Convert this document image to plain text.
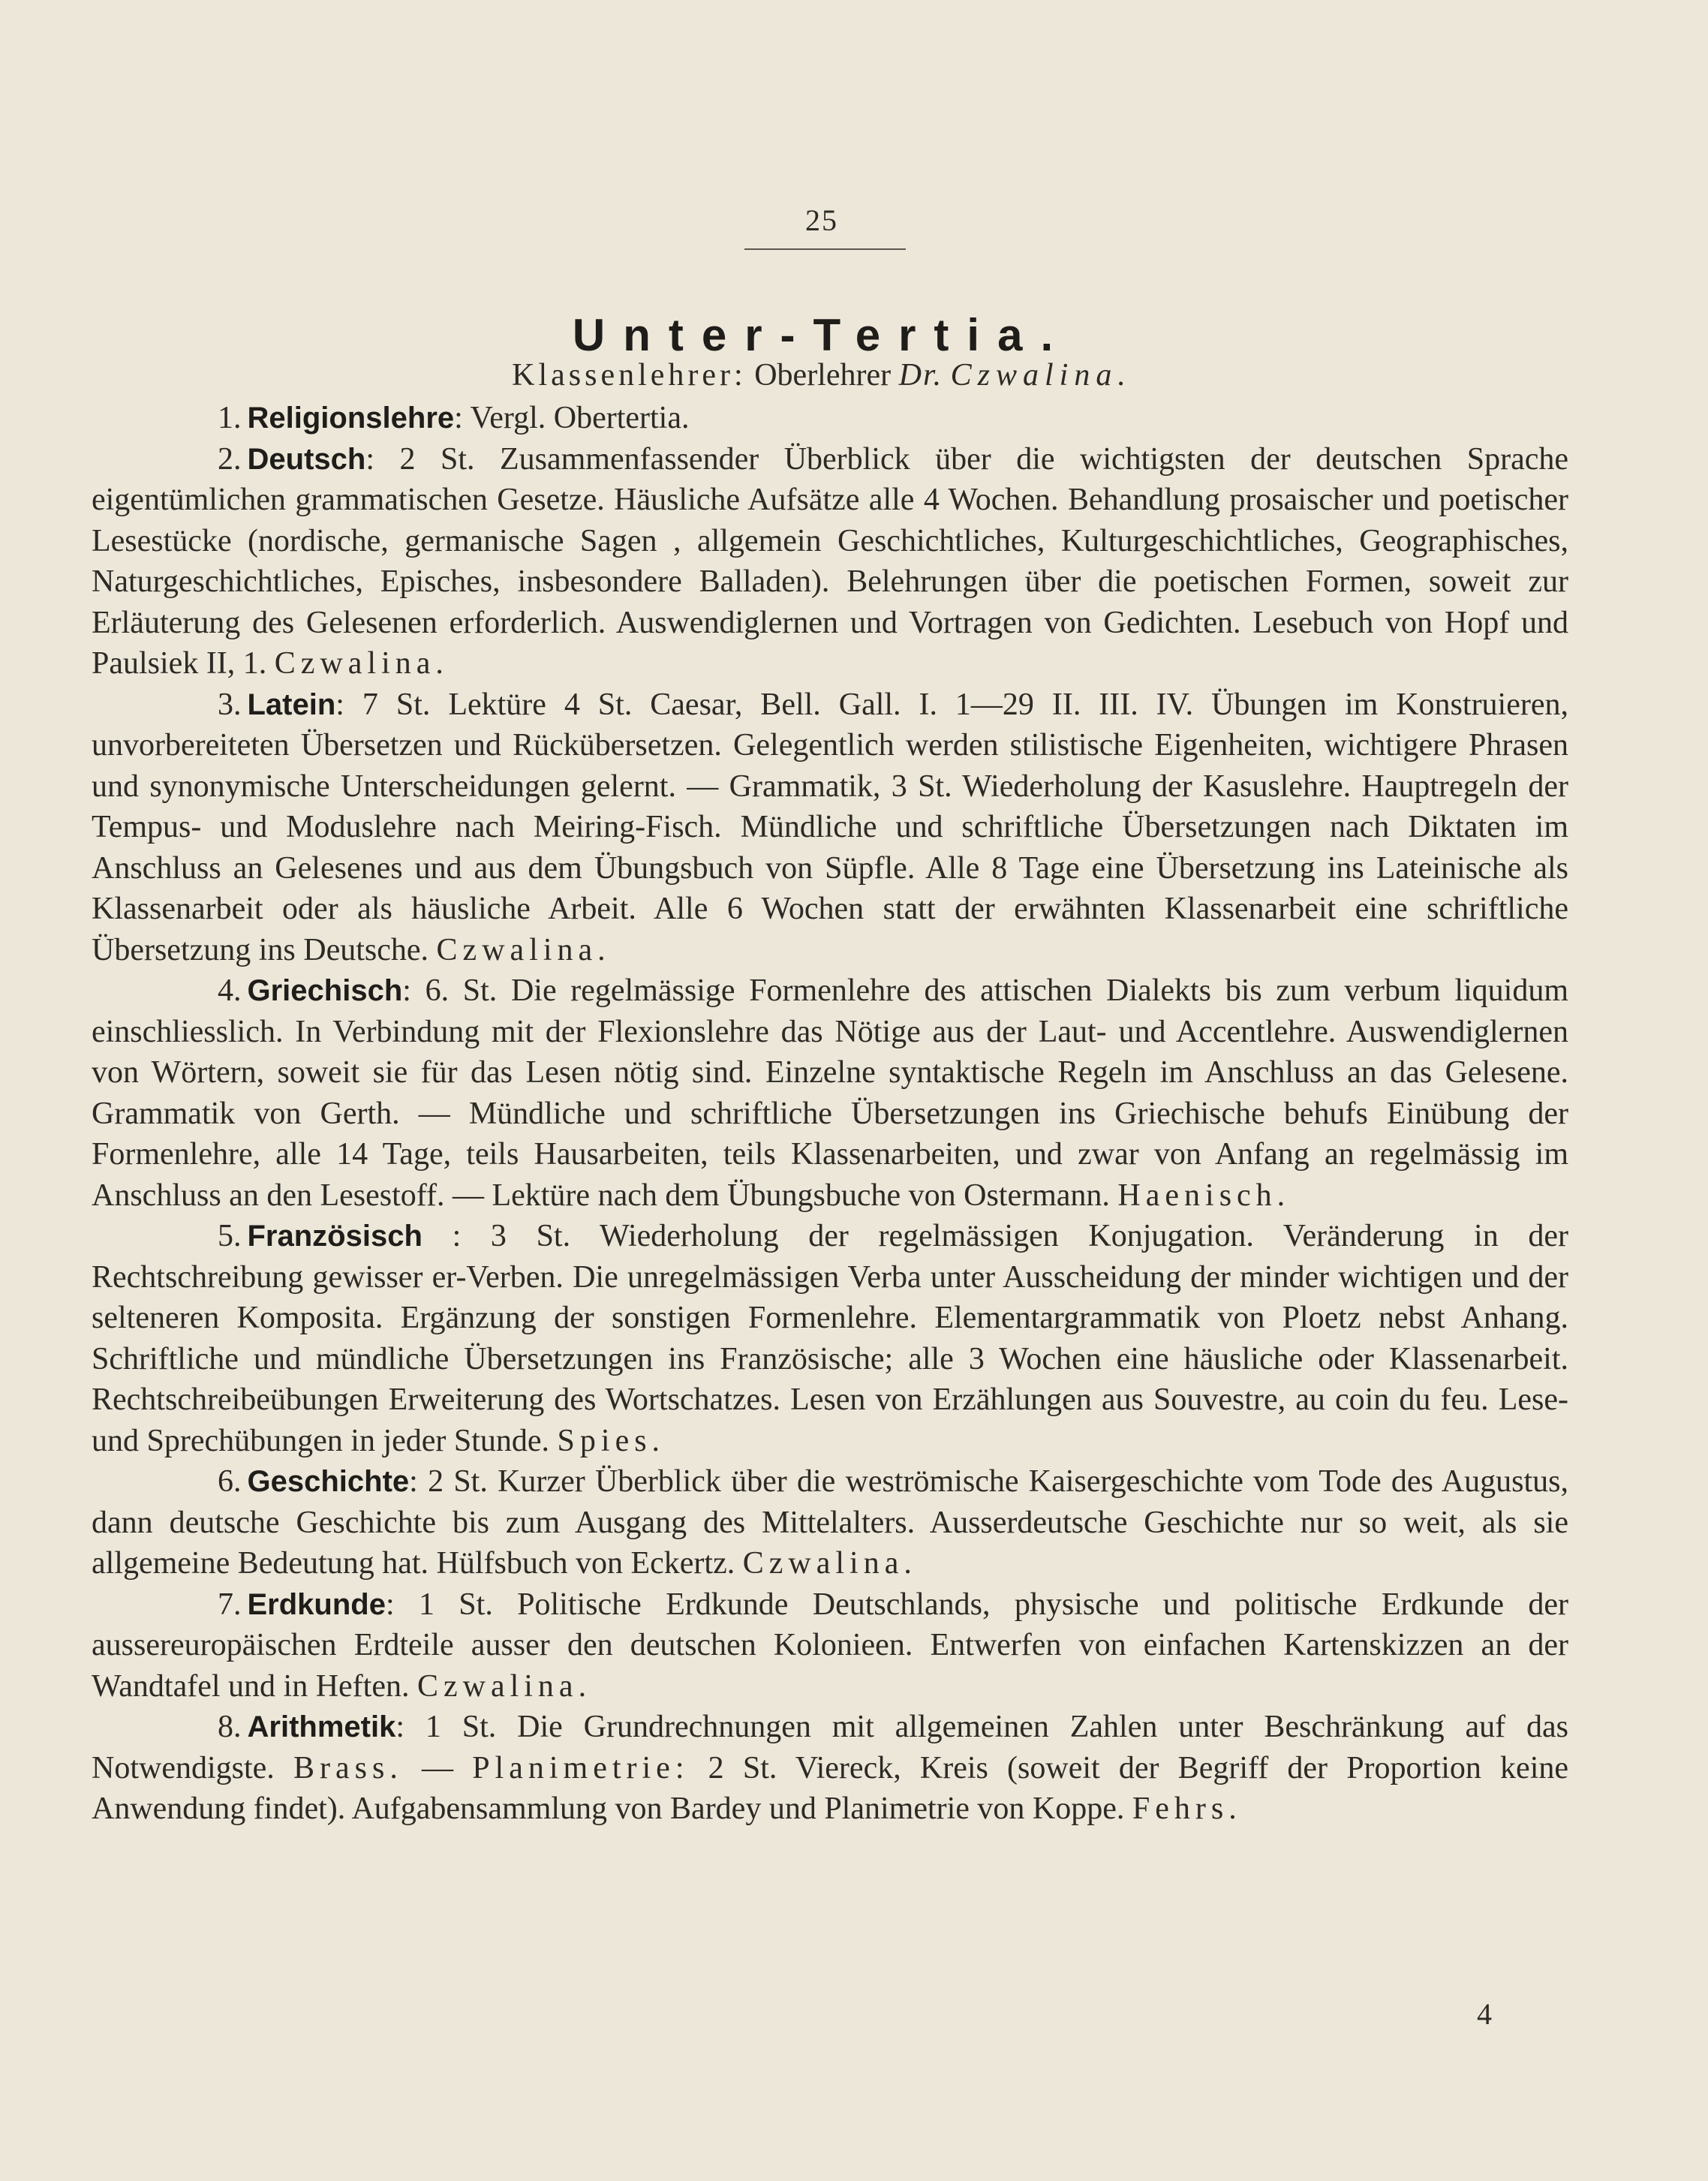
25
Unter-Tertia.
Klassenlehrer: Oberlehrer Dr. Czwalina.

1. Religionslehre: Vergl. Obertertia.

2. Deutsch: 2 St. Zusammenfassender Überblick über die wichtigsten der deutschen Sprache eigentümlichen grammatischen Gesetze. Häusliche Aufsätze alle 4 Wochen. Behandlung prosaischer und poetischer Lesestücke (nordische, germanische Sagen , allgemein Geschichtliches, Kulturgeschichtliches, Geographisches, Naturgeschichtliches, Episches, insbesondere Balladen). Belehrungen über die poetischen Formen, soweit zur Erläuterung des Gelesenen erforderlich. Auswendiglernen und Vortragen von Gedichten. Lesebuch von Hopf und Paulsiek II, 1. Czwalina.

3. Latein: 7 St. Lektüre 4 St. Caesar, Bell. Gall. I. 1—29 II. III. IV. Übungen im Konstruieren, unvorbereiteten Übersetzen und Rückübersetzen. Gelegentlich werden stilistische Eigenheiten, wichtigere Phrasen und synonymische Unterscheidungen gelernt. — Grammatik, 3 St. Wiederholung der Kasuslehre. Hauptregeln der Tempus- und Moduslehre nach Meiring-Fisch. Mündliche und schriftliche Übersetzungen nach Diktaten im Anschluss an Gelesenes und aus dem Übungsbuch von Süpfle. Alle 8 Tage eine Übersetzung ins Lateinische als Klassenarbeit oder als häusliche Arbeit. Alle 6 Wochen statt der erwähnten Klassenarbeit eine schriftliche Übersetzung ins Deutsche. Czwalina.

4. Griechisch: 6. St. Die regelmässige Formenlehre des attischen Dialekts bis zum verbum liquidum einschliesslich. In Verbindung mit der Flexionslehre das Nötige aus der Laut- und Accentlehre. Auswendiglernen von Wörtern, soweit sie für das Lesen nötig sind. Einzelne syntaktische Regeln im Anschluss an das Gelesene. Grammatik von Gerth. — Mündliche und schriftliche Übersetzungen ins Griechische behufs Einübung der Formenlehre, alle 14 Tage, teils Hausarbeiten, teils Klassenarbeiten, und zwar von Anfang an regelmässig im Anschluss an den Lesestoff. — Lektüre nach dem Übungsbuche von Ostermann. Haenisch.

5. Französisch : 3 St. Wiederholung der regelmässigen Konjugation. Veränderung in der Rechtschreibung gewisser er-Verben. Die unregelmässigen Verba unter Ausscheidung der minder wichtigen und der selteneren Komposita. Ergänzung der sonstigen Formenlehre. Elementargrammatik von Ploetz nebst Anhang. Schriftliche und mündliche Übersetzungen ins Französische; alle 3 Wochen eine häusliche oder Klassenarbeit. Rechtschreibeübungen Erweiterung des Wortschatzes. Lesen von Erzählungen aus Souvestre, au coin du feu. Lese- und Sprechübungen in jeder Stunde. Spies.

6. Geschichte: 2 St. Kurzer Überblick über die weströmische Kaisergeschichte vom Tode des Augustus, dann deutsche Geschichte bis zum Ausgang des Mittelalters. Ausserdeutsche Geschichte nur so weit, als sie allgemeine Bedeutung hat. Hülfsbuch von Eckertz. Czwalina.

7. Erdkunde: 1 St. Politische Erdkunde Deutschlands, physische und politische Erdkunde der aussereuropäischen Erdteile ausser den deutschen Kolonieen. Entwerfen von einfachen Kartenskizzen an der Wandtafel und in Heften. Czwalina.

8. Arithmetik: 1 St. Die Grundrechnungen mit allgemeinen Zahlen unter Beschränkung auf das Notwendigste. Brass. — Planimetrie: 2 St. Viereck, Kreis (soweit der Begriff der Proportion keine Anwendung findet). Aufgabensammlung von Bardey und Planimetrie von Koppe. Fehrs.

4
